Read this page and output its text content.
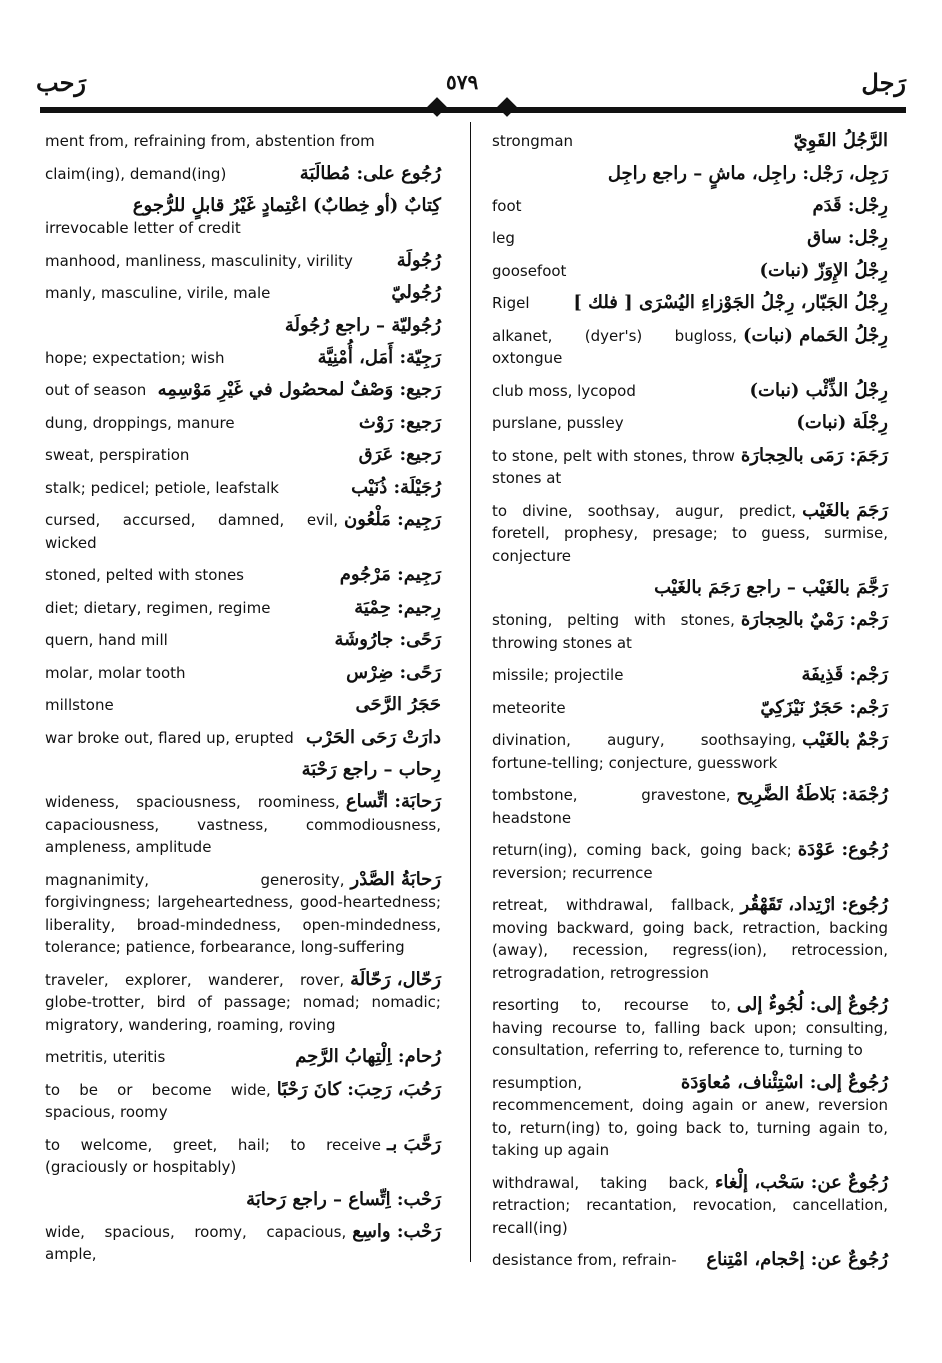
رَحب	٥٧٩	رَجل
ment from, refraining from, abstention from
رُجُوع على: مُطالَبَة
claim(ing), demand(ing)
كِتابٌ (أو خِطابٌ) اعْتِمادٍ غَيْرُ قابلٍ للرُّجوع
irrevocable letter of credit
رُجُولَة
manhood, manliness, masculinity, virility
رُجُوليّ
manly, masculine, virile, male
رُجُوليّة – راجع رُجُولَة
رَجِيّة: أَمَل، أُمْنِيَّة
hope; expectation; wish
رَجيع: وَصْفٌ لمحصُول في غَيْرِ مَوْسِمِه
out of season
رَجيع: رَوْث
dung, droppings, manure
رَجيع: عَرَق
sweat, perspiration
رُجَيْلَة: ذُنَيْب
stalk; pedicel; petiole, leafstalk
رَجِيم: مَلْعُون
cursed, accursed, damned, evil, wicked
رَجِيم: مَرْجُوم
stoned, pelted with stones
رِجيم: حِمْيَة
diet; dietary, regimen, regime
رَحًى: جارُوشَة
quern, hand mill
رَحًى: ضِرْس
molar, molar tooth
حَجَرُ الرَّحَى
millstone
دارَتْ رَحَى الحَرْب
war broke out, flared up, erupted
رِحاب – راجع رَحْبَة
رَحابَة: اتِّساع
wideness, spaciousness, roominess, capaciousness, vastness, commodiousness, ampleness, amplitude
رَحابَةُ الصَّدْر
magnanimity, generosity, forgivingness; largeheartedness, good-heartedness; liberality, broad-mindedness, open-mindedness, tolerance; patience, forbearance, long-suffering
رَحّال، رَحّالَة
traveler, explorer, wanderer, rover, globe-trotter, bird of passage; nomad; nomadic; migratory, wandering, roaming, roving
رُحام: اِلْتِهابُ الرَّحِم
metritis, uteritis
رَحُبَ، رَحِبَ: كانَ رَحْبًا
to be or become wide, spacious, roomy
رَحَّبَ بـ
to welcome, greet, hail; to receive (graciously or hospitably)
رَحْب: اِتِّساع – راجع رَحابَة
رَحْب: واسِع
wide, spacious, roomy, capacious, ample,
الرَّجُلُ القَوِيّ
strongman
رَجِل، رَجْل: راجِل، ماشٍ – راجع راجِل
رِجْل: قَدَم
foot
رِجْل: ساق
leg
رِجْلُ الإِوَزّ (نبات)
goosefoot
رِجْلُ الجَبّار، رِجْلُ الجَوْزاءِ اليُسْرَى [ فلك ]
Rigel
رِجْلُ الحَمام (نبات)
alkanet, (dyer's) bugloss, oxtongue
رِجْلُ الذِّئْب (نبات)
club moss, lycopod
رِجْلَة (نبات)
purslane, pussley
رَجَمَ: رَمَى بالحِجارَة
to stone, pelt with stones, throw stones at
رَجَمَ بالغَيْب
to divine, soothsay, augur, predict, foretell, prophesy, presage; to guess, surmise, conjecture
رَجَّمَ بالغَيْب – راجع رَجَمَ بالغَيْب
رَجْم: رَمْيٌ بالحِجارَة
stoning, pelting with stones, throwing stones at
رَجْم: قَذِيفَة
missile; projectile
رَجْم: حَجَرٌ نَيْزَكِيّ
meteorite
رَجْمٌ بالغَيْب
divination, augury, soothsaying, fortune-telling; conjecture, guesswork
رُجْمَة: بَلاطَةُ الضَّرِيح
tombstone, gravestone, headstone
رُجُوع: عَوْدَة
return(ing), coming back, going back; reversion; recurrence
رُجُوع: ارْتِداد، تَقَهْقُر
retreat, withdrawal, fallback, moving backward, going back, retraction, backing (away), recession, regress(ion), retrocession, retrogradation, retrogression
رُجُوعٌ إلى: لُجُوءٌ إلى
resorting to, recourse to, having recourse to, falling back upon; consulting, consultation, referring to, reference to, turning to
رُجُوعٌ إلى: اسْتِئْناف، مُعاوَدَة
resumption, recommencement, doing again or anew, reversion to, return(ing) to, going back to, turning again to, taking up again
رُجُوعٌ عن: سَحْب، إلْغاء
withdrawal, taking back, retraction; recantation, revocation, cancellation, recall(ing)
رُجُوعٌ عن: إحْجام، امْتِناع
desistance from, refrain-
